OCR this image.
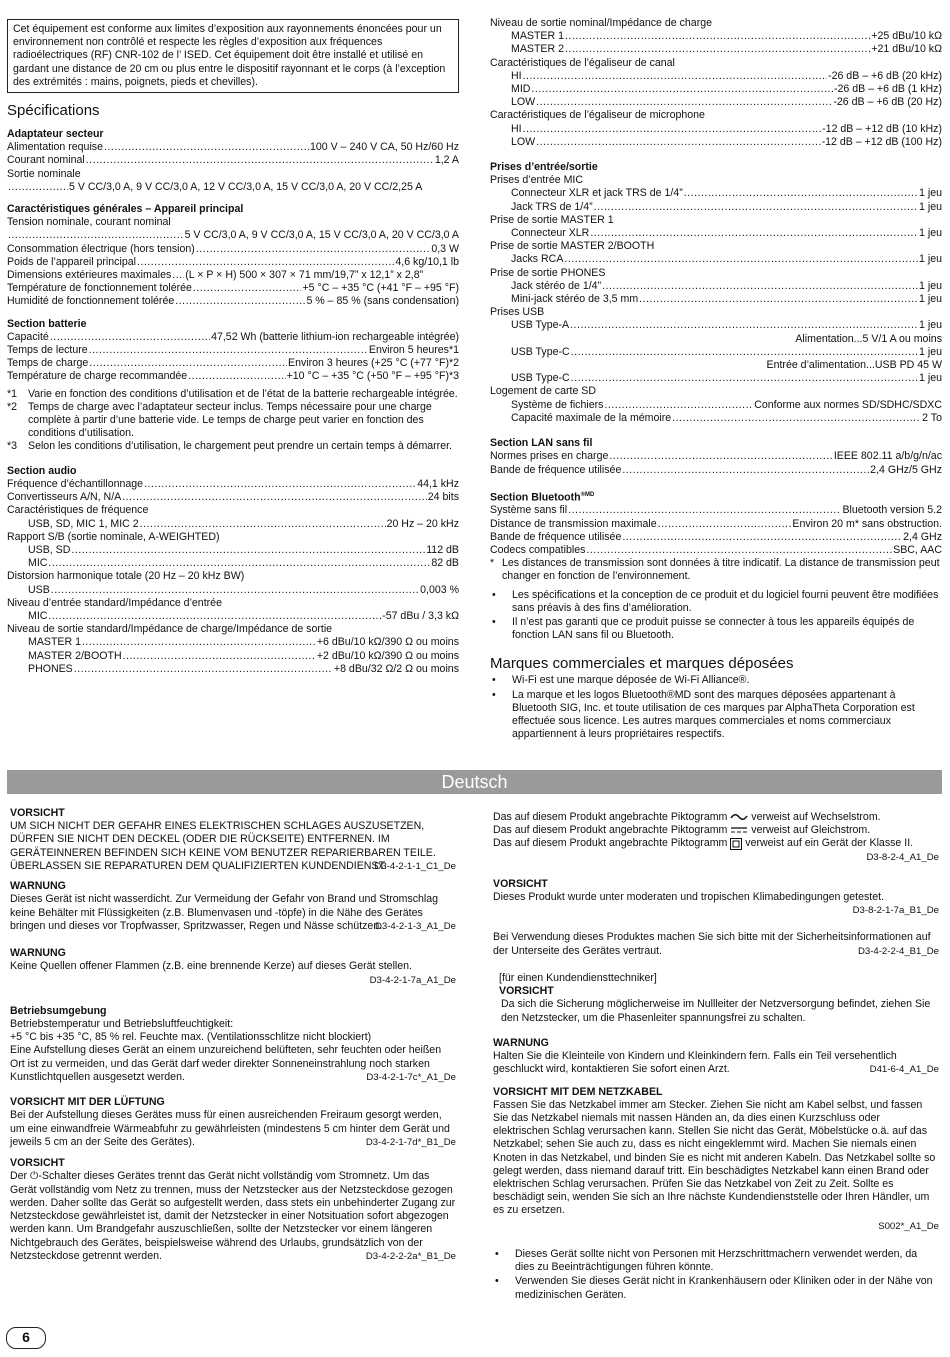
Cet équipement est conforme aux limites d’exposition aux rayonnements énoncées pour un environnement non contrôlé et respecte les règles d’exposition aux fréquences radioélectriques (RF) CNR-102 de l’ ISED. Cet équipement doit être installé et utilisé en gardant une distance de 20 cm ou plus entre le dispositif rayonnant et le corps (à l’exception des extrémités : mains, poignets, pieds et chevilles).
Spécifications
Adaptateur secteur
Alimentation requise .....	100 V – 240 V CA, 50 Hz/60 Hz
Courant nominal .....	1,2 A
Sortie nominale
.....
5 V CC/3,0 A, 9 V CC/3,0 A, 12 V CC/3,0 A, 15 V CC/3,0 A, 20 V CC/2,25 A
Caractéristiques générales – Appareil principal
Tension nominale, courant nominal
.....
5 V CC/3,0 A, 9 V CC/3,0 A, 15 V CC/3,0 A, 20 V CC/3,0 A
Consommation électrique (hors tension) .....	0,3 W
Poids de l’appareil principal .....	4,6 kg/10,1 lb
Dimensions extérieures maximales ..... (L × P × H) 500 × 307 × 71 mm/19,7” x 12,1” x 2,8”
Température de fonctionnement tolérée .....	+5 °C – +35 °C (+41 °F – +95 °F)
Humidité de fonctionnement tolérée .....	5 % – 85 % (sans condensation)
Section batterie
Capacité .....	47,52 Wh (batterie lithium-ion rechargeable intégrée)
Temps de lecture .....	Environ 5 heures*1
Temps de charge .....	Environ 3 heures (+25 °C (+77 °F)*2
Température de charge recommandée .....	+10 °C – +35 °C (+50 °F – +95 °F)*3
*1	Varie en fonction des conditions d’utilisation et de l’état de la batterie rechargeable intégrée.
*2	Temps de charge avec l’adaptateur secteur inclus. Temps nécessaire pour une charge complète à partir d’une batterie vide. Le temps de charge peut varier en fonction des conditions d’utilisation.
*3	Selon les conditions d’utilisation, le chargement peut prendre un certain temps à démarrer.
Section audio
Fréquence d’échantillonnage .....	44,1 kHz
Convertisseurs A/N, N/A .....	24 bits
Caractéristiques de fréquence
USB, SD, MIC 1, MIC 2 .....	20 Hz – 20 kHz
Rapport S/B (sortie nominale, A-WEIGHTED)
USB, SD .....	112 dB
MIC .....	82 dB
Distorsion harmonique totale (20 Hz – 20 kHz BW)
USB .....	0,003 %
Niveau d’entrée standard/Impédance d’entrée
MIC .....	-57 dBu / 3,3 kΩ
Niveau de sortie standard/Impédance de charge/Impédance de sortie
MASTER 1 .....	+6 dBu/10 kΩ/390 Ω ou moins
MASTER 2/BOOTH .....	+2 dBu/10 kΩ/390 Ω ou moins
PHONES .....	+8 dBu/32 Ω/2 Ω ou moins
Niveau de sortie nominal/Impédance de charge
MASTER 1 .....	+25 dBu/10 kΩ
MASTER 2 .....	+21 dBu/10 kΩ
Caractéristiques de l’égaliseur de canal
HI .....	-26 dB – +6 dB (20 kHz)
MID .....	-26 dB – +6 dB (1 kHz)
LOW .....	-26 dB – +6 dB (20 Hz)
Caractéristiques de l’égaliseur de microphone
HI .....	-12 dB – +12 dB (10 kHz)
LOW .....	-12 dB – +12 dB (100 Hz)
Prises d’entrée/sortie
Prises d’entrée MIC
Connecteur XLR et jack TRS de 1/4” .....	1 jeu
Jack TRS de 1/4” .....	1 jeu
Prise de sortie MASTER 1
Connecteur XLR .....	1 jeu
Prise de sortie MASTER 2/BOOTH
Jacks RCA .....	1 jeu
Prise de sortie PHONES
Jack stéréo de 1/4” .....	1 jeu
Mini-jack stéréo de 3,5 mm .....	1 jeu
Prises USB
USB Type-A .....	1 jeu
Alimentation...5 V/1 A ou moins
USB Type-C .....	1 jeu
Entrée d’alimentation...USB PD 45 W
USB Type-C .....	1 jeu
Logement de carte SD
Système de fichiers .....	Conforme aux normes SD/SDHC/SDXC
Capacité maximale de la mémoire .....	2 To
Section LAN sans fil
Normes prises en charge .....	IEEE 802.11 a/b/g/n/ac
Bande de fréquence utilisée .....	2,4 GHz/5 GHz
Section Bluetooth$^{®MD}$
Système sans fil .....	Bluetooth version 5.2
Distance de transmission maximale .....	Environ 20 m* sans obstruction.
Bande de fréquence utilisée .....	2,4 GHz
Codecs compatibles .....	SBC, AAC
* Les distances de transmission sont données à titre indicatif. La distance de transmission peut changer en fonction de l’environnement.
•	Les spécifications et la conception de ce produit et du logiciel fourni peuvent être modifiées sans préavis à des fins d’amélioration.
•	Il n’est pas garanti que ce produit puisse se connecter à tous les appareils équipés de fonction LAN sans fil ou Bluetooth.
Marques commerciales et marques déposées
•	Wi-Fi est une marque déposée de Wi-Fi Alliance®.
•	La marque et les logos Bluetooth®MD sont des marques déposées appartenant à Bluetooth SIG, Inc. et toute utilisation de ces marques par AlphaTheta Corporation est effectuée sous licence. Les autres marques commerciales et noms commerciaux appartiennent à leurs propriétaires respectifs.
Deutsch
VORSICHT
UM SICH NICHT DER GEFAHR EINES ELEKTRISCHEN SCHLAGES AUSZUSETZEN, DÜRFEN SIE NICHT DEN DECKEL (ODER DIE RÜCKSEITE) ENTFERNEN. IM GERÄTEINNEREN BEFINDEN SICH KEINE VOM BENUTZER REPARIERBAREN TEILE. ÜBERLASSEN SIE REPARATUREN DEM QUALIFIZIERTEN KUNDENDIENST.
D3-4-2-1-1_C1_De
WARNUNG
Dieses Gerät ist nicht wasserdicht. Zur Vermeidung der Gefahr von Brand und Stromschlag keine Behälter mit Flüssigkeiten (z.B. Blumenvasen und -töpfe) in die Nähe des Gerätes bringen und dieses vor Tropfwasser, Spritzwasser, Regen und Nässe schützen.
D3-4-2-1-3_A1_De
WARNUNG
Keine Quellen offener Flammen (z.B. eine brennende Kerze) auf dieses Gerät stellen.
D3-4-2-1-7a_A1_De
Betriebsumgebung
Betriebstemperatur und Betriebsluftfeuchtigkeit:
+5 °C bis +35 °C, 85 % rel. Feuchte max. (Ventilationsschlitze nicht blockiert)
Eine Aufstellung dieses Gerät an einem unzureichend belüfteten, sehr feuchten oder heißen Ort ist zu vermeiden, und das Gerät darf weder direkter Sonneneinstrahlung noch starken Kunstlichtquellen ausgesetzt werden.	D3-4-2-1-7c*_A1_De
VORSICHT MIT DER LÜFTUNG
Bei der Aufstellung dieses Gerätes muss für einen ausreichenden Freiraum gesorgt werden, um eine einwandfreie Wärmeabfuhr zu gewährleisten (mindestens 5 cm hinter dem Gerät und jeweils 5 cm an der Seite des Gerätes).	D3-4-2-1-7d*_B1_De
VORSICHT
Der ⏻-Schalter dieses Gerätes trennt das Gerät nicht vollständig vom Stromnetz. Um das Gerät vollständig vom Netz zu trennen, muss der Netzstecker aus der Netzsteckdose gezogen werden. Daher sollte das Gerät so aufgestellt werden, dass stets ein unbehinderter Zugang zur Netzsteckdose gewährleistet ist, damit der Netzstecker in einer Notsituation sofort abgezogen werden kann. Um Brandgefahr auszuschließen, sollte der Netzstecker vor einem längeren Nichtgebrauch des Gerätes, beispielsweise während des Urlaubs, grundsätzlich von der Netzsteckdose getrennt werden.	D3-4-2-2-2a*_B1_De
Das auf diesem Produkt angebrachte Piktogramm verweist auf Wechselstrom.
Das auf diesem Produkt angebrachte Piktogramm verweist auf Gleichstrom.
Das auf diesem Produkt angebrachte Piktogramm verweist auf ein Gerät der Klasse II.
D3-8-2-4_A1_De
VORSICHT
Dieses Produkt wurde unter moderaten und tropischen Klimabedingungen getestet.
D3-8-2-1-7a_B1_De
Bei Verwendung dieses Produktes machen Sie sich bitte mit der Sicherheitsinformationen auf der Unterseite des Gerätes vertraut.	D3-4-2-2-4_B1_De
[für einen Kundendiensttechniker]
VORSICHT
Da sich die Sicherung möglicherweise im Nullleiter der Netzversorgung befindet, ziehen Sie den Netzstecker, um die Phasenleiter spannungsfrei zu schalten.
WARNUNG
Halten Sie die Kleinteile von Kindern und Kleinkindern fern. Falls ein Teil versehentlich geschluckt wird, kontaktieren Sie sofort einen Arzt.	D41-6-4_A1_De
VORSICHT MIT DEM NETZKABEL
Fassen Sie das Netzkabel immer am Stecker. Ziehen Sie nicht am Kabel selbst, und fassen Sie das Netzkabel niemals mit nassen Händen an, da dies einen Kurzschluss oder elektrischen Schlag verursachen kann. Stellen Sie nicht das Gerät, Möbelstücke o.ä. auf das Netzkabel; sehen Sie auch zu, dass es nicht eingeklemmt wird. Machen Sie niemals einen Knoten in das Netzkabel, und binden Sie es nicht mit anderen Kabeln. Das Netzkabel sollte so gelegt werden, dass niemand darauf tritt. Ein beschädigtes Netzkabel kann einen Brand oder elektrischen Schlag verursachen. Prüfen Sie das Netzkabel von Zeit zu Zeit. Sollte es beschädigt sein, wenden Sie sich an Ihre nächste Kundendienststelle oder Ihren Händler, um es zu ersetzen.
S002*_A1_De
•	Dieses Gerät sollte nicht von Personen mit Herzschrittmachern verwendet werden, da dies zu Beeinträchtigungen führen könnte.
•	Verwenden Sie dieses Gerät nicht in Krankenhäusern oder Kliniken oder in der Nähe von medizinischen Geräten.
6
